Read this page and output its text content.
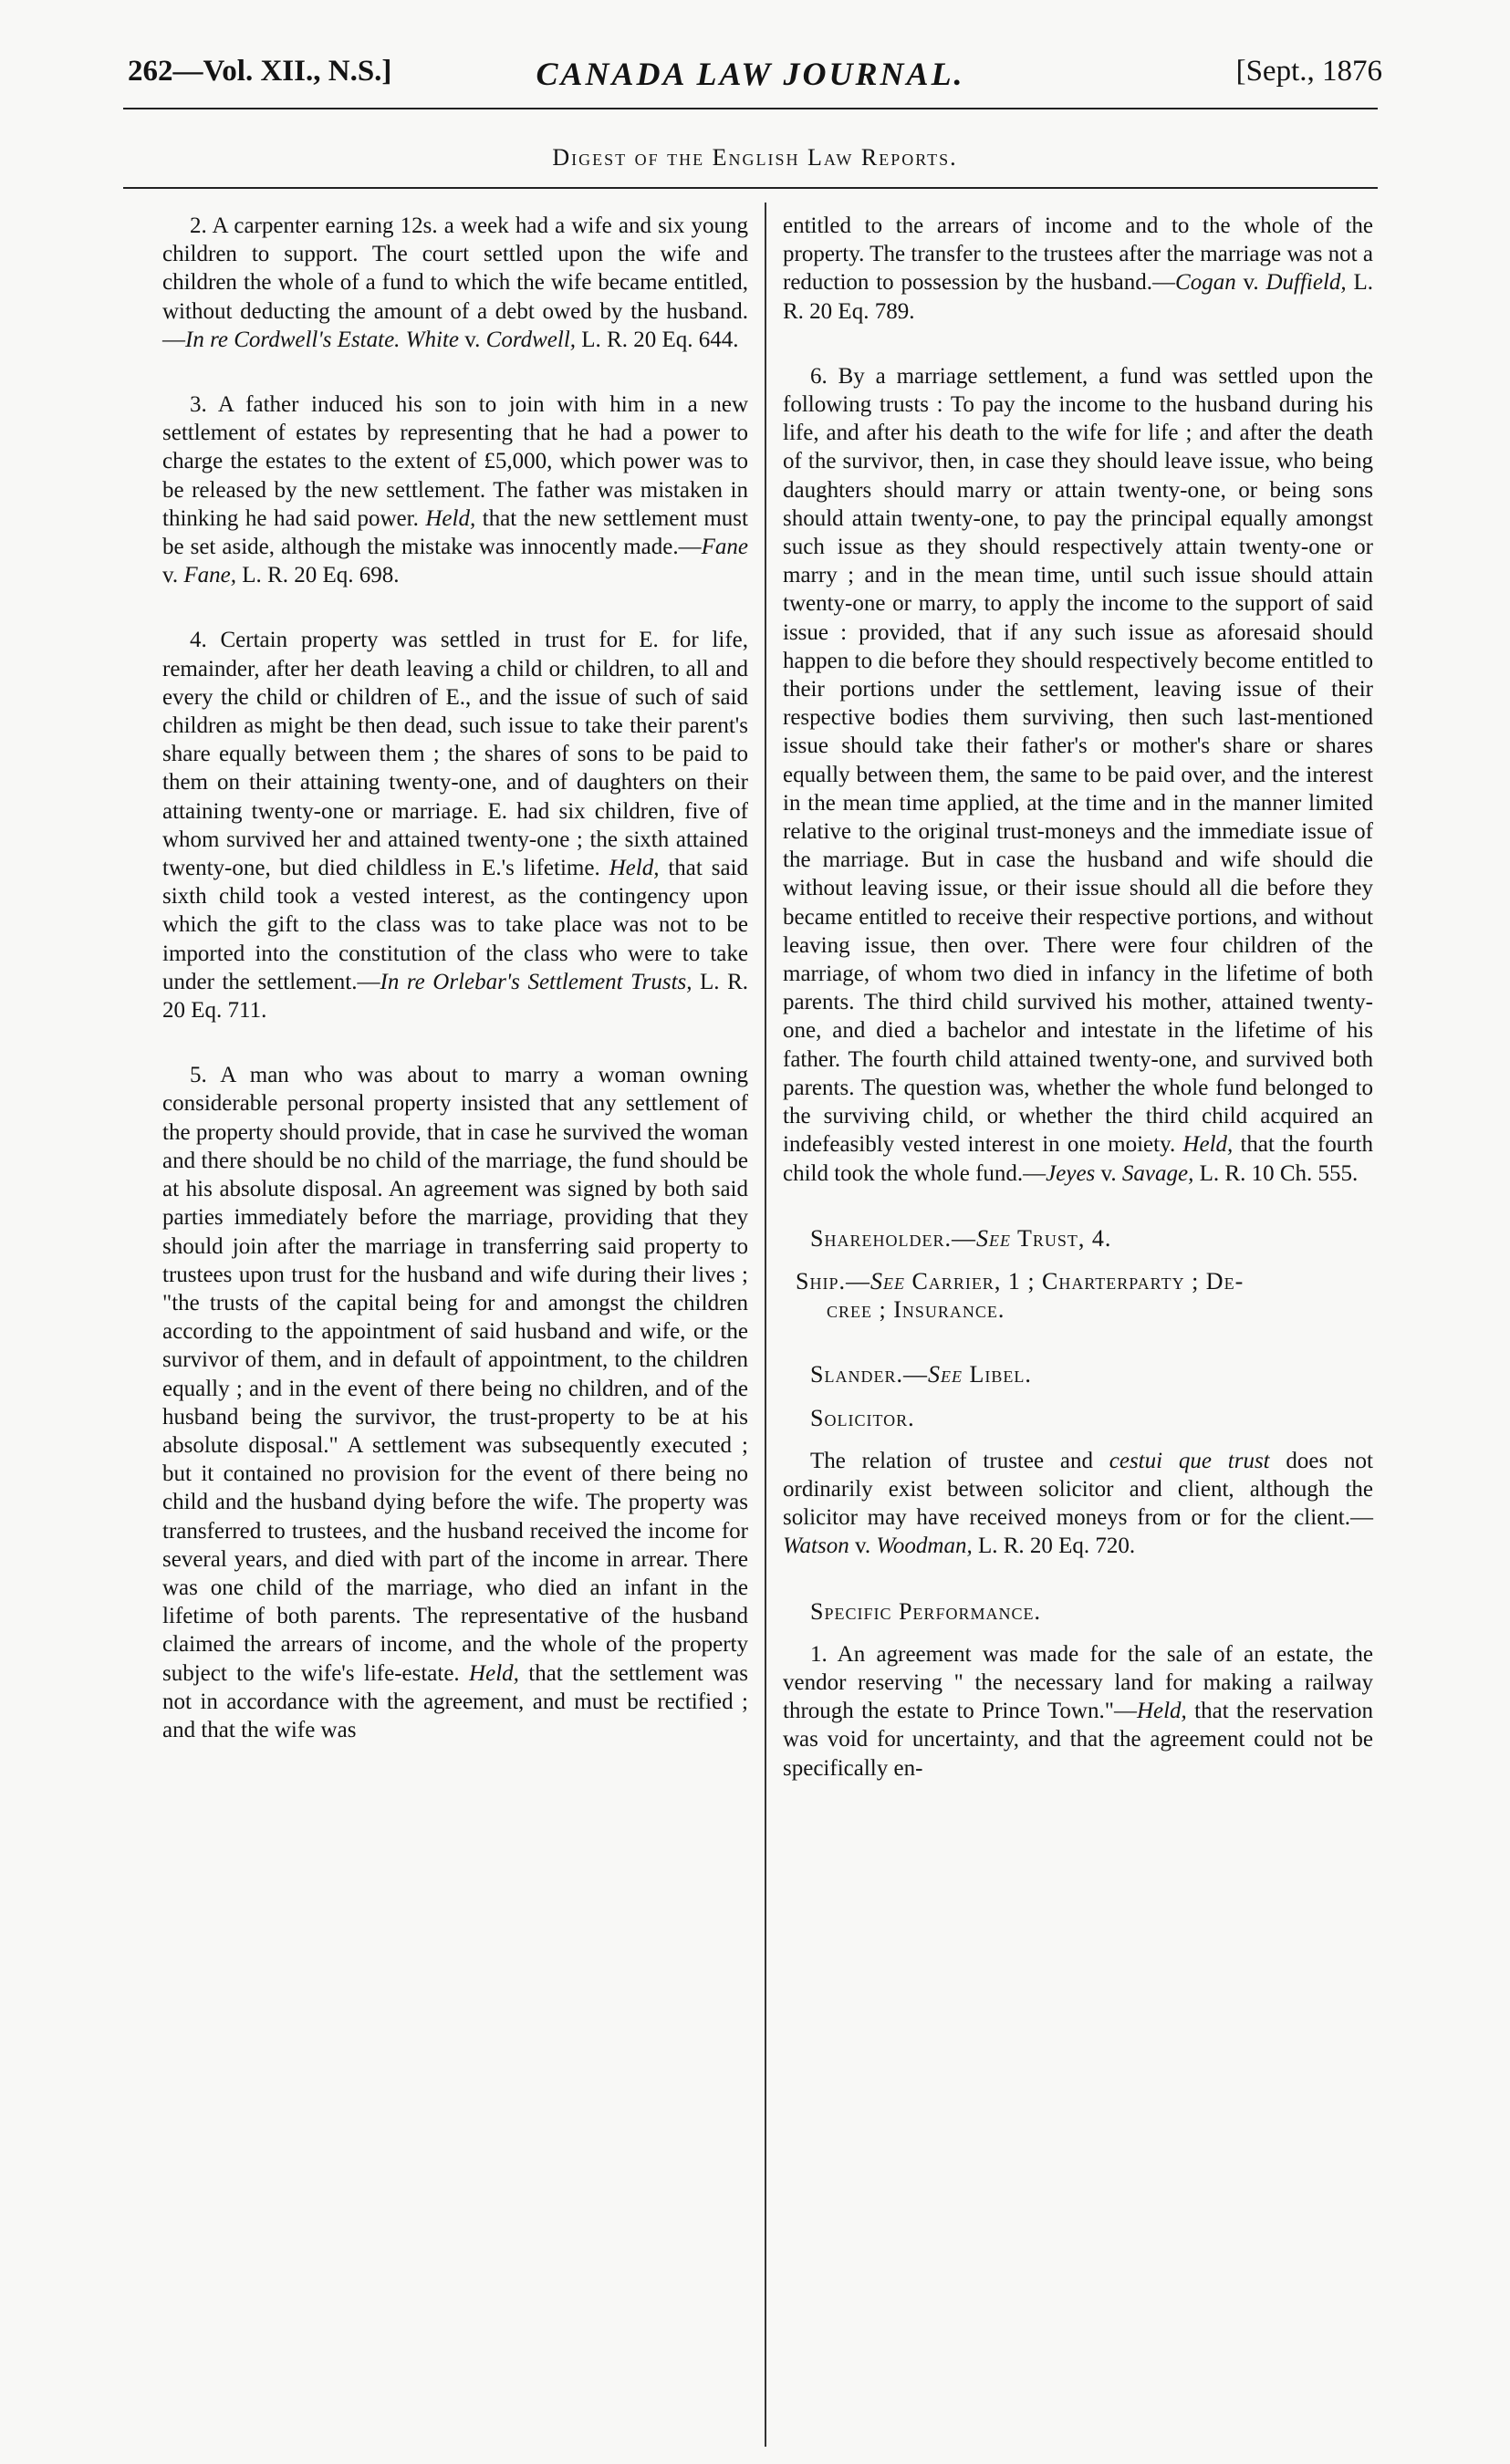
262—Vol. XII., N.S.]	CANADA LAW JOURNAL.	[Sept., 1876
Digest of the English Law Reports.

2. A carpenter earning 12s. a week had a wife and six young children to support. The court settled upon the wife and children the whole of a fund to which the wife became entitled, without deducting the amount of a debt owed by the husband.—In re Cordwell's Estate. White v. Cordwell, L. R. 20 Eq. 644.

3. A father induced his son to join with him in a new settlement of estates by representing that he had a power to charge the estates to the extent of £5,000, which power was to be released by the new settlement. The father was mistaken in thinking he had said power. Held, that the new settlement must be set aside, although the mistake was innocently made.—Fane v. Fane, L. R. 20 Eq. 698.

4. Certain property was settled in trust for E. for life, remainder, after her death leaving a child or children, to all and every the child or children of E., and the issue of such of said children as might be then dead, such issue to take their parent's share equally between them ; the shares of sons to be paid to them on their attaining twenty-one, and of daughters on their attaining twenty-one or marriage. E. had six children, five of whom survived her and attained twenty-one ; the sixth attained twenty-one, but died childless in E.'s lifetime. Held, that said sixth child took a vested interest, as the contingency upon which the gift to the class was to take place was not to be imported into the constitution of the class who were to take under the settlement.—In re Orlebar's Settlement Trusts, L. R. 20 Eq. 711.

5. A man who was about to marry a woman owning considerable personal property insisted that any settlement of the property should provide, that in case he survived the woman and there should be no child of the marriage, the fund should be at his absolute disposal. An agreement was signed by both said parties immediately before the marriage, providing that they should join after the marriage in transferring said property to trustees upon trust for the husband and wife during their lives ; "the trusts of the capital being for and amongst the children according to the appointment of said husband and wife, or the survivor of them, and in default of appointment, to the children equally ; and in the event of there being no children, and of the husband being the survivor, the trust-property to be at his absolute disposal." A settlement was subsequently executed ; but it contained no provision for the event of there being no child and the husband dying before the wife. The property was transferred to trustees, and the husband received the income for several years, and died with part of the income in arrear. There was one child of the marriage, who died an infant in the lifetime of both parents. The representative of the husband claimed the arrears of income, and the whole of the property subject to the wife's life-estate. Held, that the settlement was not in accordance with the agreement, and must be rectified ; and that the wife was

entitled to the arrears of income and to the whole of the property. The transfer to the trustees after the marriage was not a reduction to possession by the husband.—Cogan v. Duffield, L. R. 20 Eq. 789.

6. By a marriage settlement, a fund was settled upon the following trusts : To pay the income to the husband during his life, and after his death to the wife for life ; and after the death of the survivor, then, in case they should leave issue, who being daughters should marry or attain twenty-one, or being sons should attain twenty-one, to pay the principal equally amongst such issue as they should respectively attain twenty-one or marry ; and in the mean time, until such issue should attain twenty-one or marry, to apply the income to the support of said issue : provided, that if any such issue as aforesaid should happen to die before they should respectively become entitled to their portions under the settlement, leaving issue of their respective bodies them surviving, then such last-mentioned issue should take their father's or mother's share or shares equally between them, the same to be paid over, and the interest in the mean time applied, at the time and in the manner limited relative to the original trust-moneys and the immediate issue of the marriage. But in case the husband and wife should die without leaving issue, or their issue should all die before they became entitled to receive their respective portions, and without leaving issue, then over. There were four children of the marriage, of whom two died in infancy in the lifetime of both parents. The third child survived his mother, attained twenty-one, and died a bachelor and intestate in the lifetime of his father. The fourth child attained twenty-one, and survived both parents. The question was, whether the whole fund belonged to the surviving child, or whether the third child acquired an indefeasibly vested interest in one moiety. Held, that the fourth child took the whole fund.—Jeyes v. Savage, L. R. 10 Ch. 555.

Shareholder.—See Trust, 4.

Ship.—See Carrier, 1 ; Charterparty ; De-

cree ; Insurance.

Slander.—See Libel.

Solicitor.

The relation of trustee and cestui que trust does not ordinarily exist between solicitor and client, although the solicitor may have received moneys from or for the client.—Watson v. Woodman, L. R. 20 Eq. 720.

Specific Performance.

1. An agreement was made for the sale of an estate, the vendor reserving " the necessary land for making a railway through the estate to Prince Town."—Held, that the reservation was void for uncertainty, and that the agreement could not be specifically en-
